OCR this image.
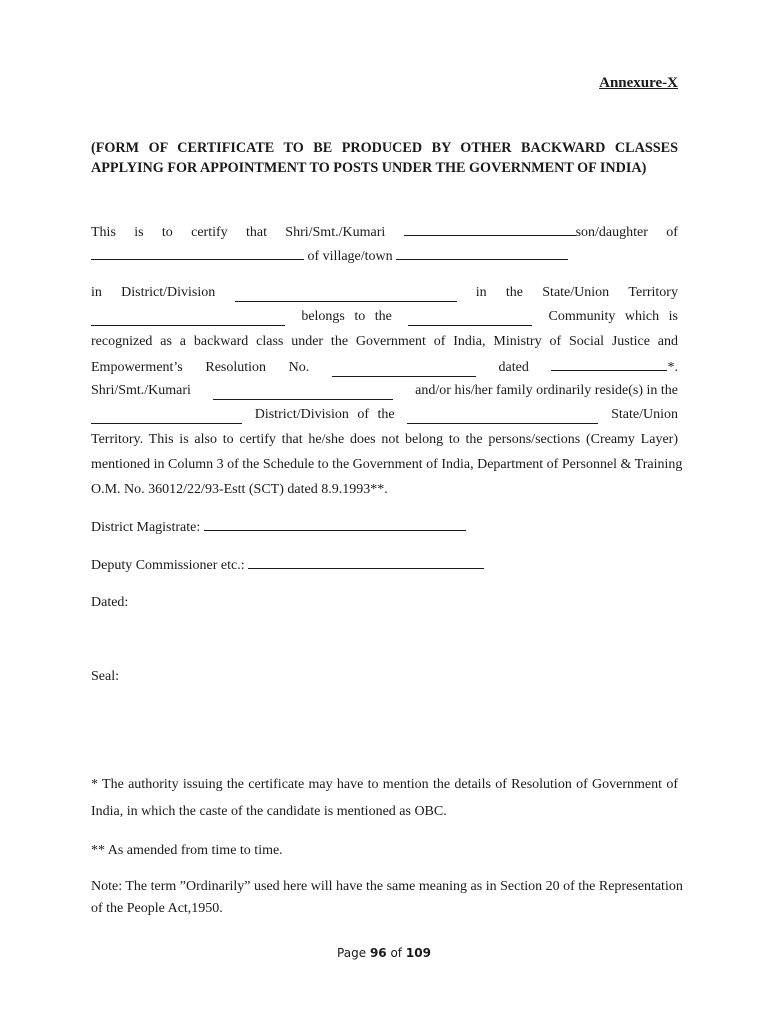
Annexure-X
(FORM OF CERTIFICATE TO BE PRODUCED BY OTHER BACKWARD CLASSES APPLYING FOR APPOINTMENT TO POSTS UNDER THE GOVERNMENT OF INDIA)
This is to certify that Shri/Smt./Kumari	son/daughter of
of village/town
in District/Division	in the State/Union Territory
belongs to the	Community which is
recognized as a backward class under the Government of India, Ministry of Social Justice and
Empowerment’s Resolution No.	dated	*.
Shri/Smt./Kumari	and/or his/her family ordinarily reside(s) in the
District/Division of the	State/Union
Territory. This is also to certify that he/she does not belong to the persons/sections (Creamy Layer)
mentioned in Column 3 of the Schedule to the Government of India, Department of Personnel & Training
O.M. No. 36012/22/93-Estt (SCT) dated 8.9.1993**.
District Magistrate:
Deputy Commissioner etc.:
Dated:
Seal:
* The authority issuing the certificate may have to mention the details of Resolution of Government of
India, in which the caste of the candidate is mentioned as OBC.
** As amended from time to time.
Note: The term ”Ordinarily” used here will have the same meaning as in Section 20 of the Representation
of the People Act,1950.
Page 96 of 109
